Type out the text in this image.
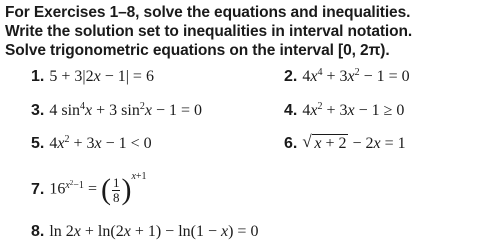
For Exercises 1–8, solve the equations and inequalities.
Write the solution set to inequalities in interval notation.
Solve trigonometric equations on the interval [0, 2π).
1. 5 + 3|2x − 1| = 6	2. $4x^4 + 3x^2 - 1 = 0$
3. 4 $\sin^4x + 3$ $\sin^2x - 1 = 0$	4. $4x^2 + 3x - 1 \ge 0$
5. $4x^2 + 3x - 1 < 0$	6. √ x + 2 − 2x = 1
7. $16^{x^2-1}$ = ( $\frac{1}{8} )^{x+1}$
8. ln 2x + ln(2x + 1) − ln(1 − x) = 0
